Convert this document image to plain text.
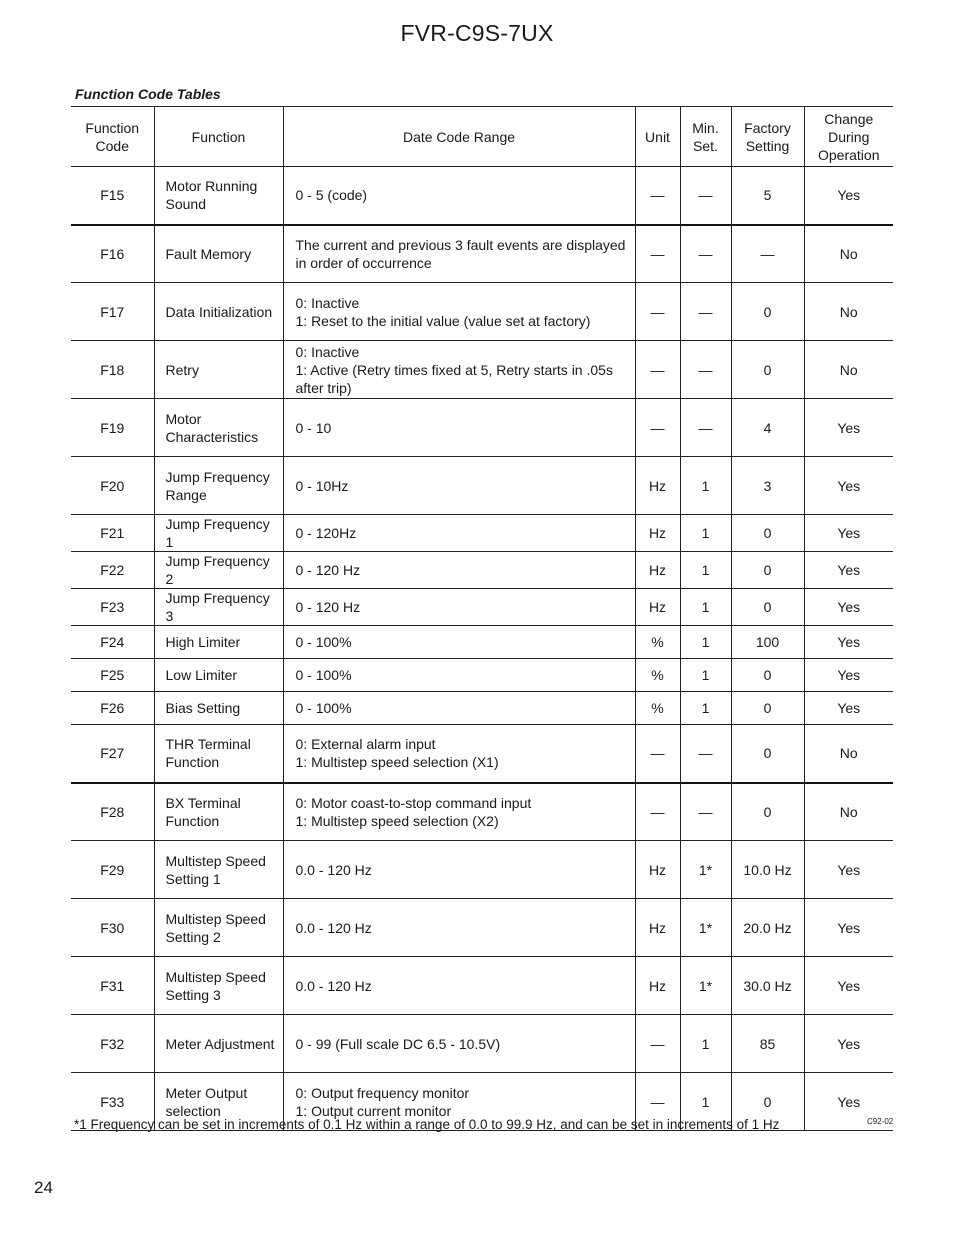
FVR-C9S-7UX
Function Code Tables
Function Code	Function	Date Code Range	Unit	Min. Set.	Factory Setting	Change During Operation
F15	Motor Running Sound	0 - 5 (code)	—	—	5	Yes
F16	Fault Memory	The current and previous 3 fault events are displayed in order of occurrence	—	—	—	No
F17	Data Initialization	0: Inactive
1: Reset to the initial value (value set at factory)	—	—	0	No
F18	Retry	0: Inactive
1: Active (Retry times fixed at 5, Retry starts in .05s after trip)	—	—	0	No
F19	Motor Characteristics	0 - 10	—	—	4	Yes
F20	Jump Frequency Range	0 - 10Hz	Hz	1	3	Yes
F21	Jump Frequency 1	0 - 120Hz	Hz	1	0	Yes
F22	Jump Frequency 2	0 - 120 Hz	Hz	1	0	Yes
F23	Jump Frequency 3	0 - 120 Hz	Hz	1	0	Yes
F24	High Limiter	0 - 100%	%	1	100	Yes
F25	Low Limiter	0 - 100%	%	1	0	Yes
F26	Bias Setting	0 - 100%	%	1	0	Yes
F27	THR Terminal Function	0: External alarm input
1: Multistep speed selection (X1)	—	—	0	No
F28	BX Terminal Function	0: Motor coast-to-stop command input
1: Multistep speed selection (X2)	—	—	0	No
F29	Multistep Speed Setting 1	0.0 - 120 Hz	Hz	1*	10.0 Hz	Yes
F30	Multistep Speed Setting 2	0.0 - 120 Hz	Hz	1*	20.0 Hz	Yes
F31	Multistep Speed Setting 3	0.0 - 120 Hz	Hz	1*	30.0 Hz	Yes
F32	Meter Adjustment	0 - 99 (Full scale DC 6.5 - 10.5V)	—	1	85	Yes
F33	Meter Output selection	0: Output frequency monitor
1: Output current monitor	—	1	0	Yes
*1 Frequency can be set in increments of 0.1 Hz within a range of 0.0 to 99.9 Hz, and can be set in increments of 1 Hz	C92-02
24
